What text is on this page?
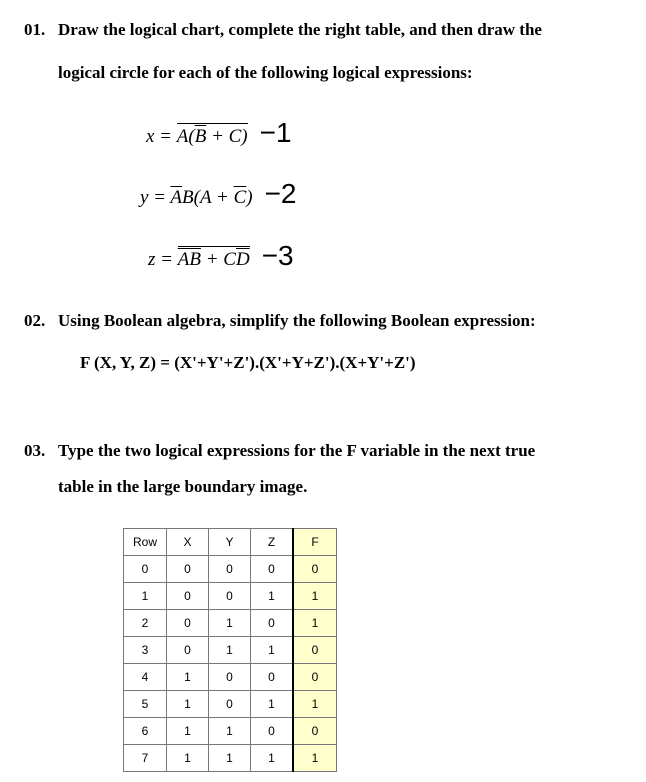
01. Draw the logical chart, complete the right table, and then draw the
logical circle for each of the following logical expressions:
$x = A(\overline{B} + C) -1$
$y = \overline{A}B(A + \overline{C}) -2$
$z = \overline{AB} + C\overline{D} -3$
02. Using Boolean algebra, simplify the following Boolean expression:
F (X, Y, Z) = (X'+Y'+Z').(X'+Y+Z').(X+Y'+Z')
03. Type the two logical expressions for the F variable in the next true
table in the large boundary image.
Row	X	Y	Z	F
0	0	0	0	0
1	0	0	1	1
2	0	1	0	1
3	0	1	1	0
4	1	0	0	0
5	1	0	1	1
6	1	1	0	0
7	1	1	1	1
